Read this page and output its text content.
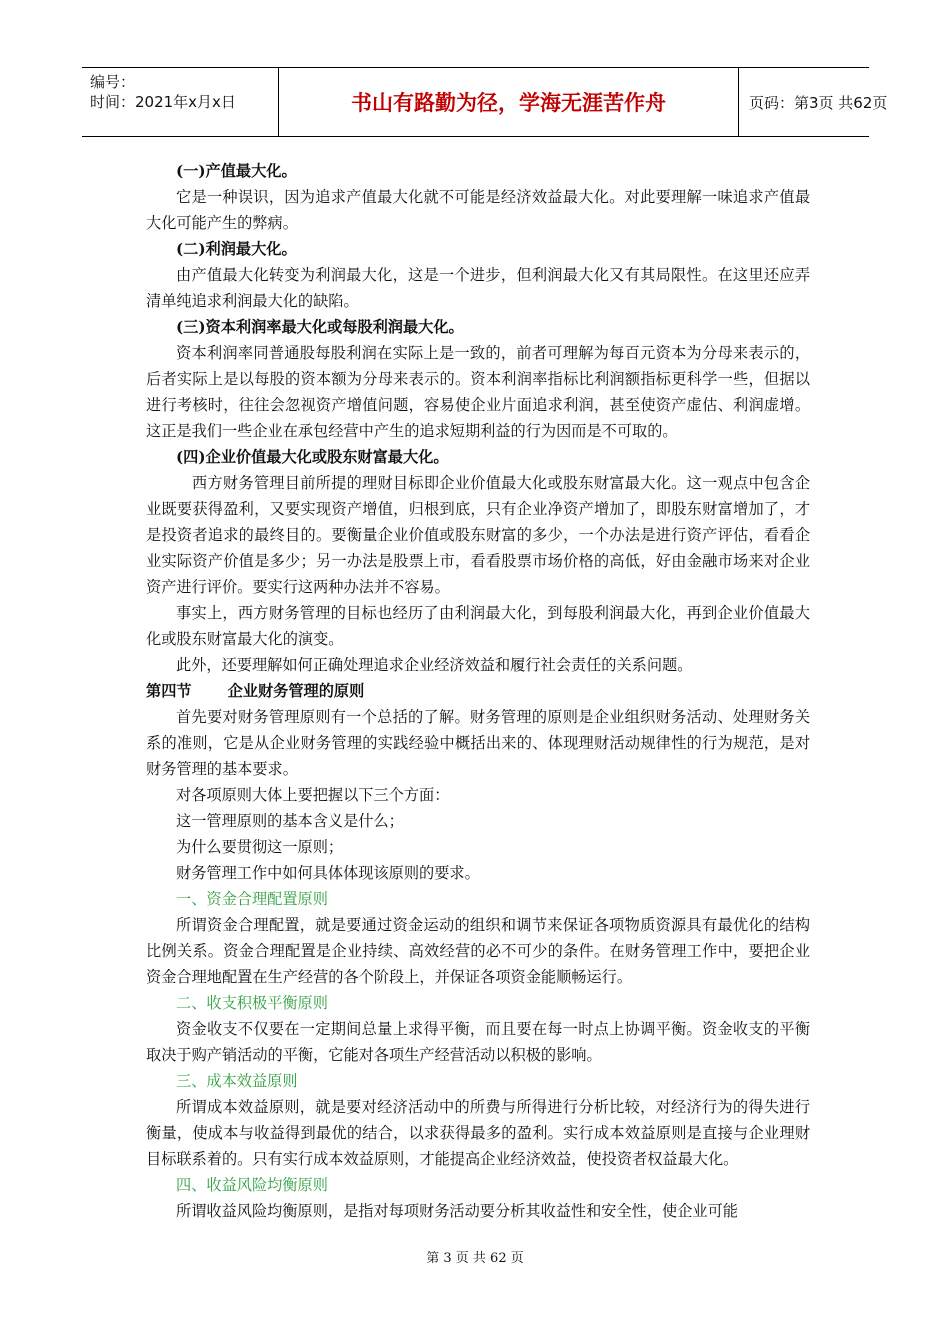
编号：
时间：2021年x月x日	书山有路勤为径，学海无涯苦作舟	页码：第3页 共62页

(一)产值最大化。

它是一种误识，因为追求产值最大化就不可能是经济效益最大化。对此要理解一味追求产值最大化可能产生的弊病。

(二)利润最大化。

由产值最大化转变为利润最大化，这是一个进步，但利润最大化又有其局限性。在这里还应弄清单纯追求利润最大化的缺陷。

(三)资本利润率最大化或每股利润最大化。

资本利润率同普通股每股利润在实际上是一致的，前者可理解为每百元资本为分母来表示的，后者实际上是以每股的资本额为分母来表示的。资本利润率指标比利润额指标更科学一些，但据以进行考核时，往往会忽视资产增值问题，容易使企业片面追求利润，甚至使资产虚估、利润虚增。这正是我们一些企业在承包经营中产生的追求短期利益的行为因而是不可取的。

(四)企业价值最大化或股东财富最大化。

西方财务管理目前所提的理财目标即企业价值最大化或股东财富最大化。这一观点中包含企业既要获得盈利，又要实现资产增值，归根到底，只有企业净资产增加了，即股东财富增加了，才是投资者追求的最终目的。要衡量企业价值或股东财富的多少，一个办法是进行资产评估，看看企业实际资产价值是多少；另一办法是股票上市，看看股票市场价格的高低，好由金融市场来对企业资产进行评价。要实行这两种办法并不容易。

事实上，西方财务管理的目标也经历了由利润最大化，到每股利润最大化，再到企业价值最大化或股东财富最大化的演变。

此外，还要理解如何正确处理追求企业经济效益和履行社会责任的关系问题。

第四节 企业财务管理的原则

首先要对财务管理原则有一个总括的了解。财务管理的原则是企业组织财务活动、处理财务关系的准则，它是从企业财务管理的实践经验中概括出来的、体现理财活动规律性的行为规范，是对财务管理的基本要求。

对各项原则大体上要把握以下三个方面：

这一管理原则的基本含义是什么；

为什么要贯彻这一原则；

财务管理工作中如何具体体现该原则的要求。

一、资金合理配置原则

所谓资金合理配置，就是要通过资金运动的组织和调节来保证各项物质资源具有最优化的结构比例关系。资金合理配置是企业持续、高效经营的必不可少的条件。在财务管理工作中，要把企业资金合理地配置在生产经营的各个阶段上，并保证各项资金能顺畅运行。

二、收支积极平衡原则

资金收支不仅要在一定期间总量上求得平衡，而且要在每一时点上协调平衡。资金收支的平衡取决于购产销活动的平衡，它能对各项生产经营活动以积极的影响。

三、成本效益原则

所谓成本效益原则，就是要对经济活动中的所费与所得进行分析比较，对经济行为的得失进行衡量，使成本与收益得到最优的结合，以求获得最多的盈利。实行成本效益原则是直接与企业理财目标联系着的。只有实行成本效益原则，才能提高企业经济效益，使投资者权益最大化。

四、收益风险均衡原则

所谓收益风险均衡原则，是指对每项财务活动要分析其收益性和安全性，使企业可能

第 3 页 共 62 页
